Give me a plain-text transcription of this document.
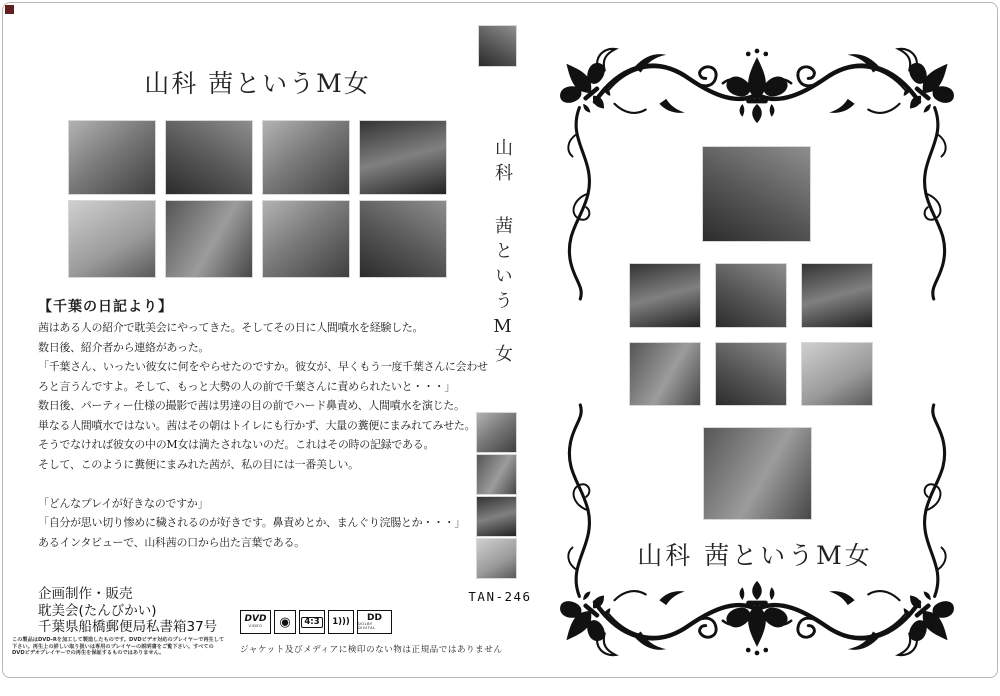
山科 茜というM女
【千葉の日記より】
茜はある人の紹介で耽美会にやってきた。そしてその日に人間噴水を経験した。
数日後、紹介者から連絡があった。
「千葉さん、いったい彼女に何をやらせたのですか。彼女が、早くもう一度千葉さんに会わせ
ろと言うんですよ。そして、もっと大勢の人の前で千葉さんに責められたいと・・・」
数日後、パーティー仕様の撮影で茜は男達の目の前でハード鼻責め、人間噴水を演じた。
単なる人間噴水ではない。茜はその朝はトイレにも行かず、大量の糞便にまみれてみせた。
そうでなければ彼女の中のM女は満たされないのだ。これはその時の記録である。
そして、このように糞便にまみれた茜が、私の目には一番美しい。
「どんなプレイが好きなのですか」
「自分が思い切り惨めに穢されるのが好きです。鼻責めとか、まんぐり浣腸とか・・・」
あるインタビューで、山科茜の口から出た言葉である。
企画制作・販売
耽美会(たんびかい)
千葉県船橋郵便局私書箱37号
この製品はDVD-Rを加工して製造したものです。DVDビデオ対応のプレイヤーで再生して
下さい。再生上の詳しい取り扱いは専用のプレイヤーの説明書をご覧下さい。すべての
DVDビデオプレイヤーでの再生を保証するものではありません。
DVD
VIDEO ◉	4:3	1))) DD
DOLBY DIGITAL
ジャケット及びメディアに検印のない物は正規品ではありません
山科 茜というM女
TAN-246
山科 茜というM女
